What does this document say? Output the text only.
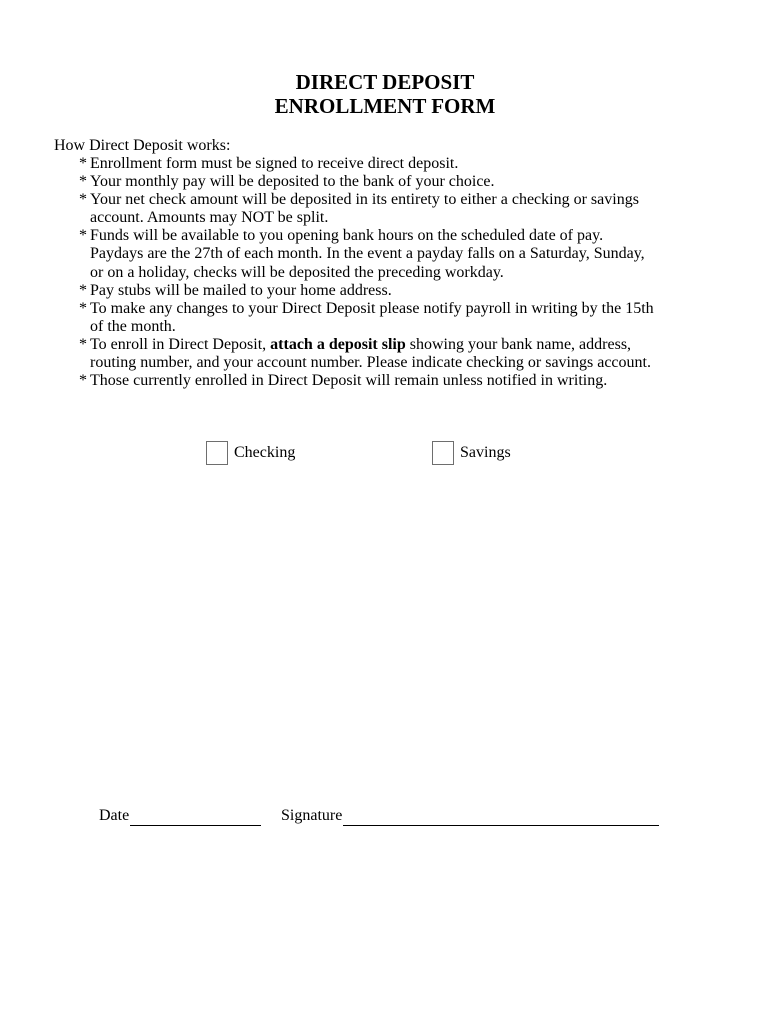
DIRECT DEPOSIT
ENROLLMENT FORM

How Direct Deposit works:

* Enrollment form must be signed to receive direct deposit.
* Your monthly pay will be deposited to the bank of your choice.
* Your net check amount will be deposited in its entirety to either a checking or savings
account. Amounts may NOT be split.
* Funds will be available to you opening bank hours on the scheduled date of pay.
Paydays are the 27th of each month. In the event a payday falls on a Saturday, Sunday,
or on a holiday, checks will be deposited the preceding workday.
* Pay stubs will be mailed to your home address.
* To make any changes to your Direct Deposit please notify payroll in writing by the 15th
of the month.
* To enroll in Direct Deposit, attach a deposit slip showing your bank name, address,
routing number, and your account number. Please indicate checking or savings account.
* Those currently enrolled in Direct Deposit will remain unless notified in writing.
Checking	Savings
Date	Signature
